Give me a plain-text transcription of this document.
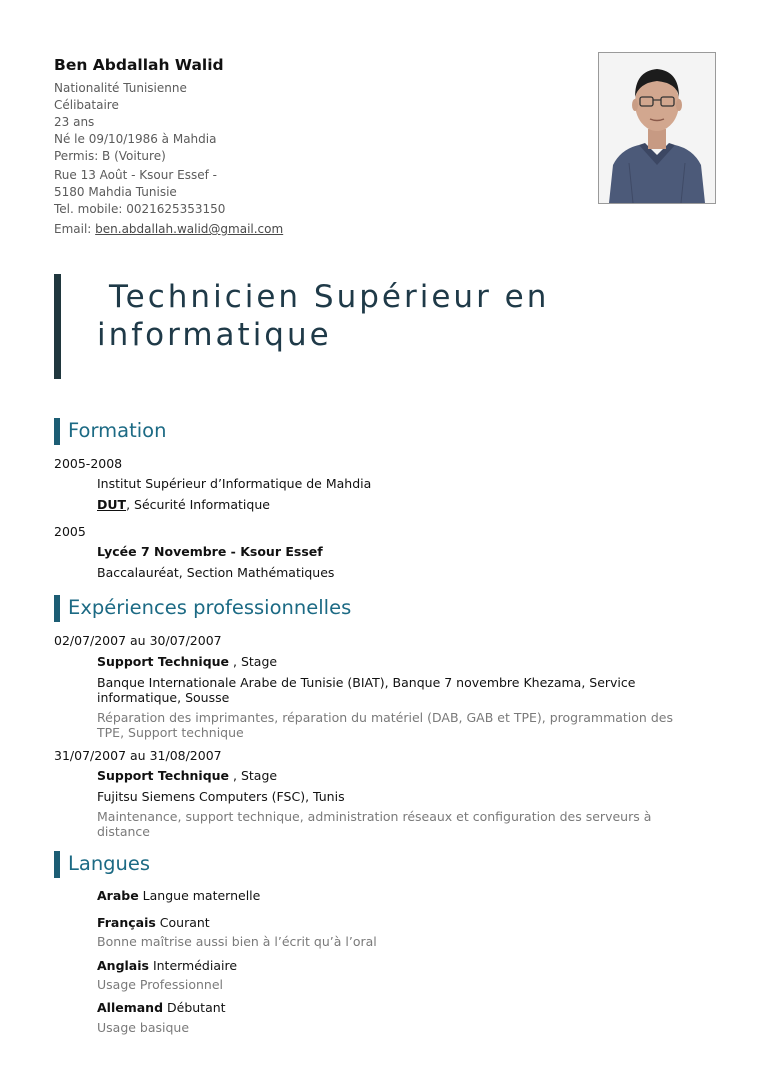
Ben Abdallah Walid
Nationalité Tunisienne
Célibataire
23 ans
Né le 09/10/1986 à Mahdia
Permis: B (Voiture)
Rue 13 Août - Ksour Essef -
5180 Mahdia Tunisie
Tel. mobile: 0021625353150
Email: ben.abdallah.walid@gmail.com
Technicien Supérieur en
informatique
Formation
2005-2008
Institut Supérieur d’Informatique de Mahdia
DUT, Sécurité Informatique
2005
Lycée 7 Novembre - Ksour Essef
Baccalauréat, Section Mathématiques
Expériences professionnelles
02/07/2007 au 30/07/2007
Support Technique , Stage
Banque Internationale Arabe de Tunisie (BIAT), Banque 7 novembre Khezama, Service
informatique, Sousse
Réparation des imprimantes, réparation du matériel (DAB, GAB et TPE), programmation des
TPE, Support technique
31/07/2007 au 31/08/2007
Support Technique , Stage
Fujitsu Siemens Computers (FSC), Tunis
Maintenance, support technique, administration réseaux et configuration des serveurs à
distance
Langues
Arabe Langue maternelle
Français Courant
Bonne maîtrise aussi bien à l’écrit qu’à l’oral
Anglais Intermédiaire
Usage Professionnel
Allemand Débutant
Usage basique
